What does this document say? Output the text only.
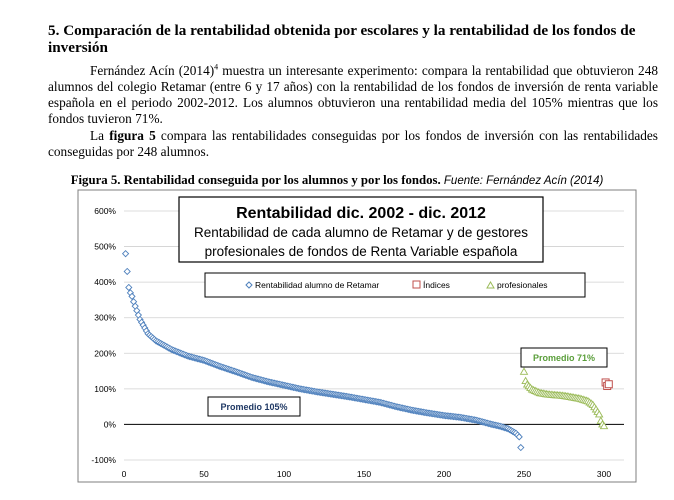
5. Comparación de la rentabilidad obtenida por escolares y la rentabilidad de los fondos de inversión
Fernández Acín $(2014)^4$ muestra un interesante experimento: compara la rentabilidad que obtuvieron 248 alumnos del colegio Retamar (entre 6 y 17 años) con la rentabilidad de los fondos de inversión de renta variable española en el periodo 2002-2012. Los alumnos obtuvieron una rentabilidad media del 105% mientras que los fondos tuvieron 71%.
La figura 5 compara las rentabilidades conseguidas por los fondos de inversión con las rentabilidades conseguidas por 248 alumnos.
Figura 5. Rentabilidad conseguida por los alumnos y por los fondos. Fuente: Fernández Acín (2014)
-100%
0%
100%
200%
300%
400%
500%
600%
0	50	100	150	200	250	300
Rentabilidad dic. 2002 - dic. 2012
Rentabilidad de cada alumno de Retamar y de gestores
profesionales de fondos de Renta Variable española
Rentabilidad alumno de Retamar	Índices	profesionales
Promedio 105%
Promedio 71%
